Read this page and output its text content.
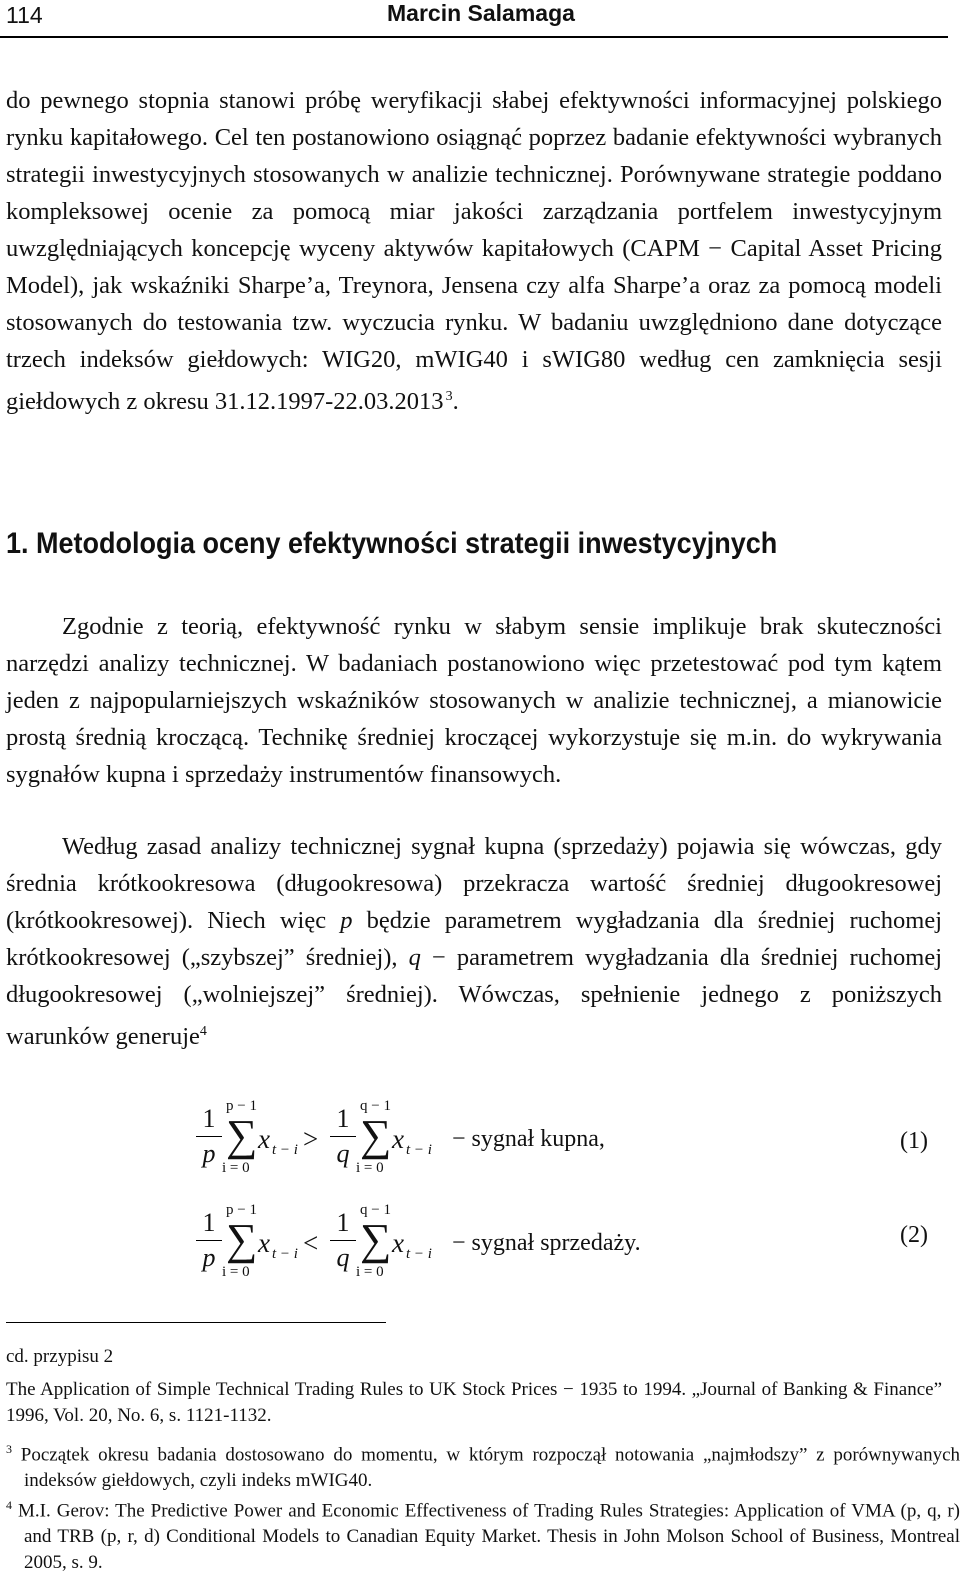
114	Marcin Salamaga
do pewnego stopnia stanowi próbę weryfikacji słabej efektywności informacyjnej polskiego rynku kapitałowego. Cel ten postanowiono osiągnąć poprzez badanie efektywności wybranych strategii inwestycyjnych stosowanych w analizie technicznej. Porównywane strategie poddano kompleksowej ocenie za pomocą miar jakości zarządzania portfelem inwestycyjnym uwzględniających koncepcję wyceny aktywów kapitałowych (CAPM − Capital Asset Pricing Model), jak wskaźniki Sharpe’a, Treynora, Jensena czy alfa Sharpe’a oraz za pomocą modeli stosowanych do testowania tzw. wyczucia rynku. W badaniu uwzględniono dane dotyczące trzech indeksów giełdowych: WIG20, mWIG40 i sWIG80 według cen zamknięcia sesji giełdowych z okresu 31.12.1997-22.03.2013  $^3$.
1. Metodologia oceny efektywności strategii inwestycyjnych
Zgodnie z teorią, efektywność rynku w słabym sensie implikuje brak skuteczności narzędzi analizy technicznej. W badaniach postanowiono więc przetestować pod tym kątem jeden z najpopularniejszych wskaźników stosowanych w analizie technicznej, a mianowicie prostą średnią kroczącą. Technikę średniej kroczącej wykorzystuje się m.in. do wykrywania sygnałów kupna i sprzedaży instrumentów finansowych.
Według zasad analizy technicznej sygnał kupna (sprzedaży) pojawia się wówczas, gdy średnia krótkookresowa (długookresowa) przekracza wartość średniej długookresowej (krótkookresowej). Niech więc p będzie parametrem wygładzania dla średniej ruchomej krótkookresowej („szybszej” średniej), q − parametrem wygładzania dla średniej ruchomej długookresowej („wolniejszej” średniej). Wówczas, spełnienie jednego z poniższych warunków generuje$^4$
1
p
p − 1
∑
i = 0
x t − i >
1
q
q − 1
∑
i = 0
x t − i − sygnał kupna,	(1)
1
p
p − 1
∑
i = 0
x t − i <
1
q
q − 1
∑
i = 0
x t − i − sygnał sprzedaży.	(2)
cd. przypisu 2
The Application of Simple Technical Trading Rules to UK Stock Prices − 1935 to 1994. „Journal of Banking & Finance” 1996, Vol. 20, No. 6, s. 1121-1132.
$^3$ Początek okresu badania dostosowano do momentu, w którym rozpoczął notowania „najmłodszy” z porównywanych indeksów giełdowych, czyli indeks mWIG40.
$^4$ M.I. Gerov: The Predictive Power and Economic Effectiveness of Trading Rules Strategies: Application of VMA (p, q, r) and TRB (p, r, d) Conditional Models to Canadian Equity Market. Thesis in John Molson School of Business, Montreal 2005, s. 9.
